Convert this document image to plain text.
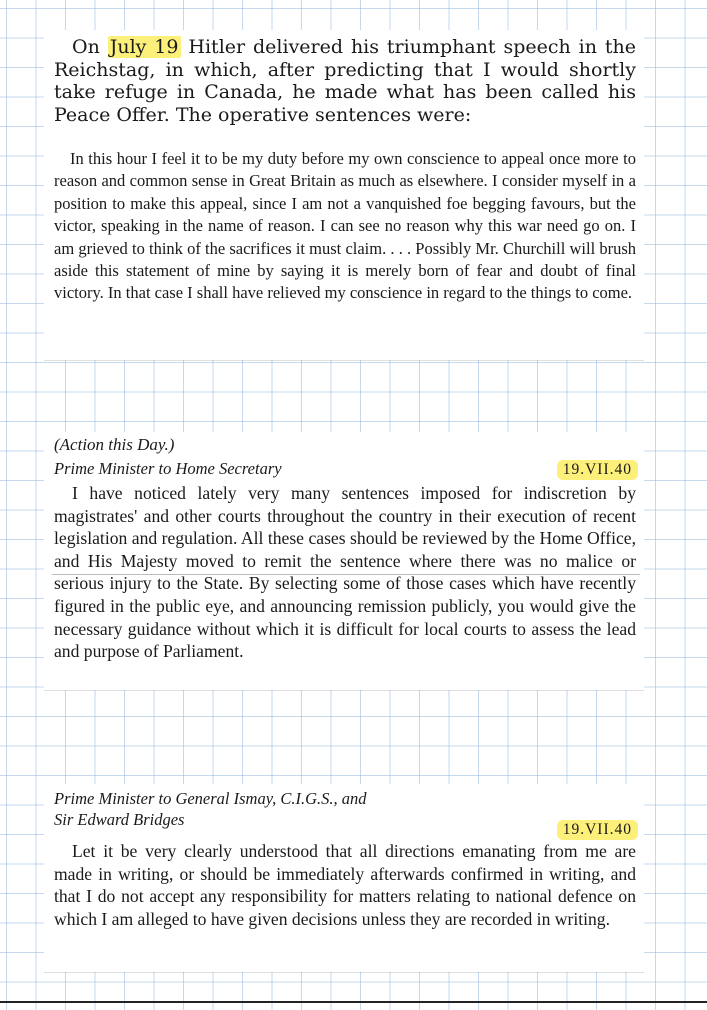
On July 19 Hitler delivered his triumphant speech in the Reichstag, in which, after predicting that I would shortly take refuge in Canada, he made what has been called his Peace Offer. The operative sentences were:

In this hour I feel it to be my duty before my own conscience to appeal once more to reason and common sense in Great Britain as much as elsewhere. I consider myself in a position to make this appeal, since I am not a vanquished foe begging favours, but the victor, speaking in the name of reason. I can see no reason why this war need go on. I am grieved to think of the sacrifices it must claim. . . . Possibly Mr. Churchill will brush aside this statement of mine by saying it is merely born of fear and doubt of final victory. In that case I shall have relieved my conscience in regard to the things to come.

(Action this Day.)
Prime Minister to Home Secretary	19.VII.40

I have noticed lately very many sentences imposed for indiscretion by magistrates' and other courts throughout the country in their execution of recent legislation and regulation. All these cases should be reviewed by the Home Office, and His Majesty moved to remit the sentence where there was no malice or serious injury to the State. By selecting some of those cases which have recently figured in the public eye, and announcing remission publicly, you would give the necessary guidance without which it is difficult for local courts to assess the lead and purpose of Parliament.

Prime Minister to General Ismay, C.I.G.S., and
Sir Edward Bridges
19.VII.40

Let it be very clearly understood that all directions emanating from me are made in writing, or should be immediately afterwards confirmed in writing, and that I do not accept any responsibility for matters relating to national defence on which I am alleged to have given decisions unless they are recorded in writing.
